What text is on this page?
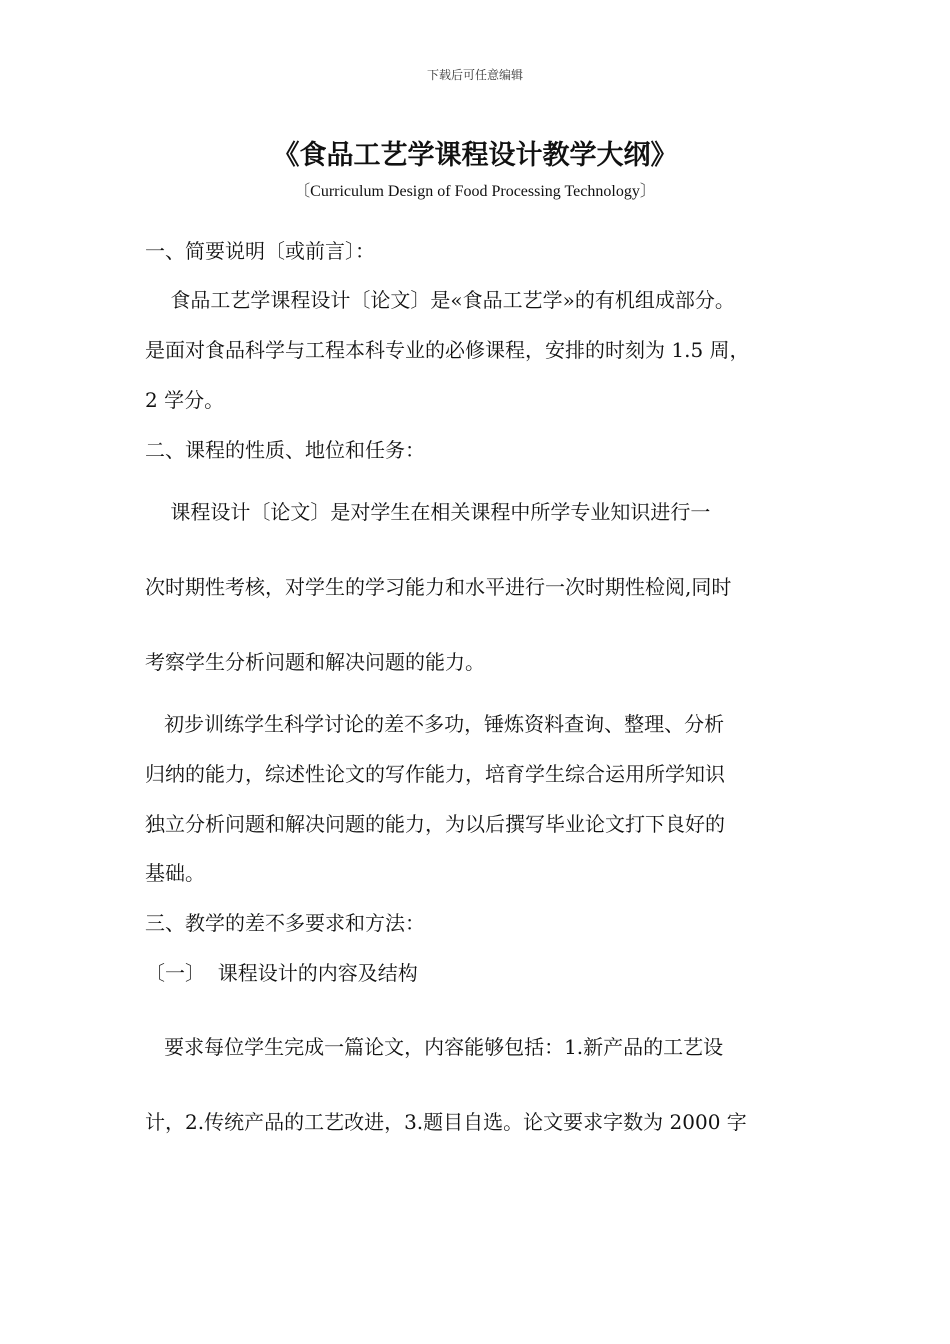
下载后可任意编辑
《食品工艺学课程设计教学大纲》
〔Curriculum Design of Food Processing Technology〕
一、简要说明〔或前言〕：
食品工艺学课程设计〔论文〕是«食品工艺学»的有机组成部分。
是面对食品科学与工程本科专业的必修课程，安排的时刻为 1.5 周，
2 学分。
二、课程的性质、地位和任务：
课程设计〔论文〕是对学生在相关课程中所学专业知识进行一
次时期性考核，对学生的学习能力和水平进行一次时期性检阅,同时
考察学生分析问题和解决问题的能力。
初步训练学生科学讨论的差不多功，锤炼资料查询、整理、分析
归纳的能力，综述性论文的写作能力，培育学生综合运用所学知识
独立分析问题和解决问题的能力，为以后撰写毕业论文打下良好的
基础。
三、教学的差不多要求和方法：
〔一〕  课程设计的内容及结构
要求每位学生完成一篇论文，内容能够包括：1.新产品的工艺设
计，2.传统产品的工艺改进，3.题目自选。论文要求字数为 2000 字
